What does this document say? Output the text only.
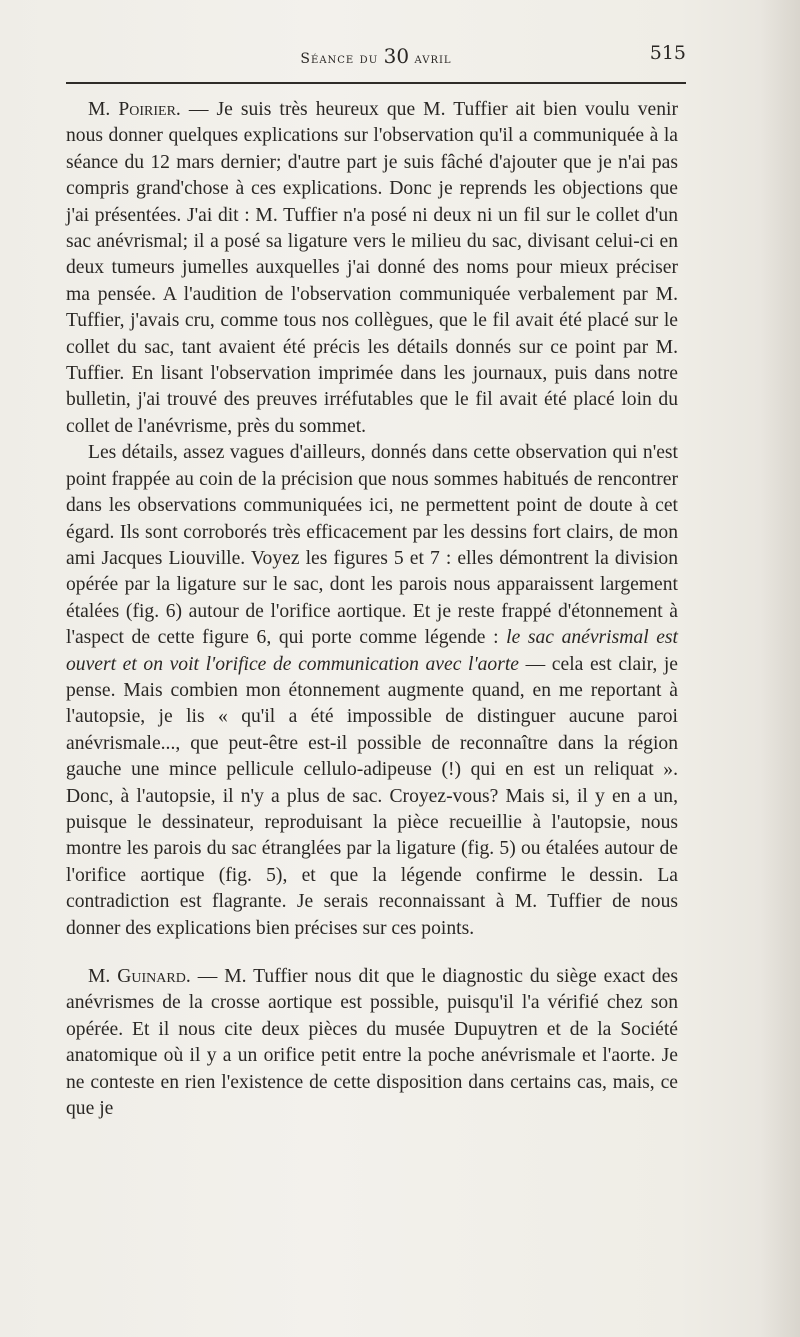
Séance du 30 avril	515

M. Poirier. — Je suis très heureux que M. Tuffier ait bien voulu venir nous donner quelques explications sur l'observation qu'il a communiquée à la séance du 12 mars dernier; d'autre part je suis fâché d'ajouter que je n'ai pas compris grand'chose à ces explications. Donc je reprends les objections que j'ai présentées. J'ai dit : M. Tuffier n'a posé ni deux ni un fil sur le collet d'un sac anévrismal; il a posé sa ligature vers le milieu du sac, divisant celui-ci en deux tumeurs jumelles auxquelles j'ai donné des noms pour mieux préciser ma pensée. A l'audition de l'observation communiquée verbalement par M. Tuffier, j'avais cru, comme tous nos collègues, que le fil avait été placé sur le collet du sac, tant avaient été précis les détails donnés sur ce point par M. Tuffier. En lisant l'observation imprimée dans les journaux, puis dans notre bulletin, j'ai trouvé des preuves irréfutables que le fil avait été placé loin du collet de l'anévrisme, près du sommet.

Les détails, assez vagues d'ailleurs, donnés dans cette observation qui n'est point frappée au coin de la précision que nous sommes habitués de rencontrer dans les observations communiquées ici, ne permettent point de doute à cet égard. Ils sont corroborés très efficacement par les dessins fort clairs, de mon ami Jacques Liouville. Voyez les figures 5 et 7 : elles démontrent la division opérée par la ligature sur le sac, dont les parois nous apparaissent largement étalées (fig. 6) autour de l'orifice aortique. Et je reste frappé d'étonnement à l'aspect de cette figure 6, qui porte comme légende : le sac anévrismal est ouvert et on voit l'orifice de communication avec l'aorte — cela est clair, je pense. Mais combien mon étonnement augmente quand, en me reportant à l'autopsie, je lis « qu'il a été impossible de distinguer aucune paroi anévrismale..., que peut-être est-il possible de reconnaître dans la région gauche une mince pellicule cellulo-adipeuse (!) qui en est un reliquat ». Donc, à l'autopsie, il n'y a plus de sac. Croyez-vous? Mais si, il y en a un, puisque le dessinateur, reproduisant la pièce recueillie à l'autopsie, nous montre les parois du sac étranglées par la ligature (fig. 5) ou étalées autour de l'orifice aortique (fig. 5), et que la légende confirme le dessin. La contradiction est flagrante. Je serais reconnaissant à M. Tuffier de nous donner des explications bien précises sur ces points.

M. Guinard. — M. Tuffier nous dit que le diagnostic du siège exact des anévrismes de la crosse aortique est possible, puisqu'il l'a vérifié chez son opérée. Et il nous cite deux pièces du musée Dupuytren et de la Société anatomique où il y a un orifice petit entre la poche anévrismale et l'aorte. Je ne conteste en rien l'existence de cette disposition dans certains cas, mais, ce que je
